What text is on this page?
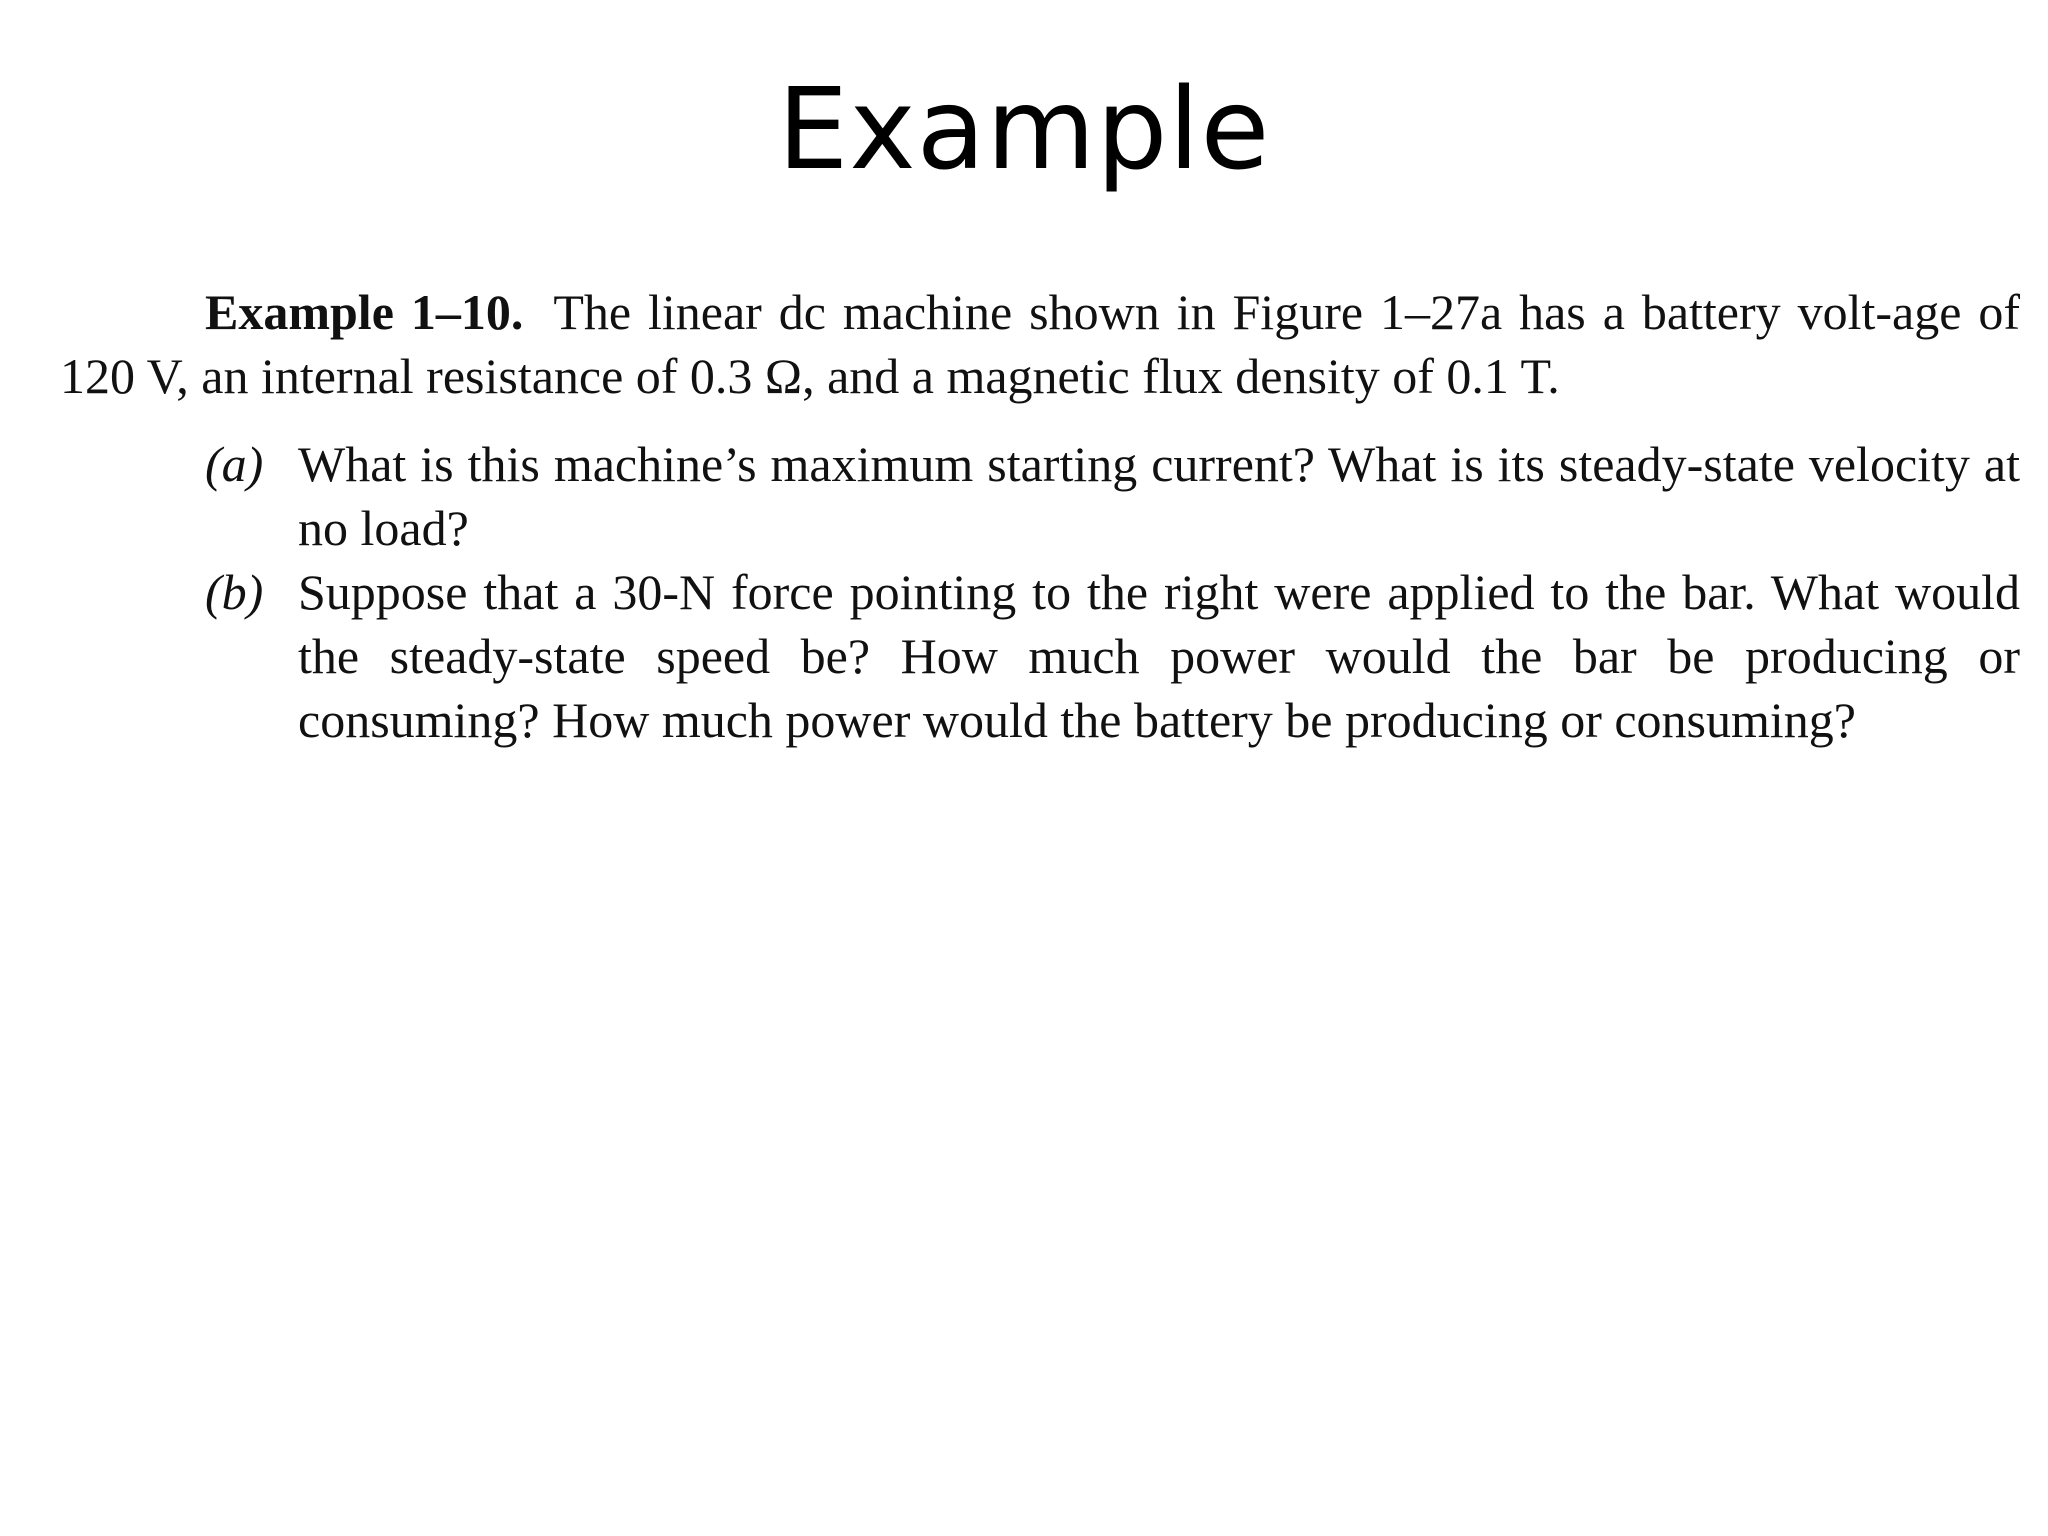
Example

Example 1–10. The linear dc machine shown in Figure 1–27a has a battery volt-age of 120 V, an internal resistance of 0.3 Ω, and a magnetic flux density of 0.1 T.

(a) What is this machine’s maximum starting current? What is its steady-state velocity at no load?
(b) Suppose that a 30-N force pointing to the right were applied to the bar. What would the steady-state speed be? How much power would the bar be producing or consuming? How much power would the battery be producing or consuming?
